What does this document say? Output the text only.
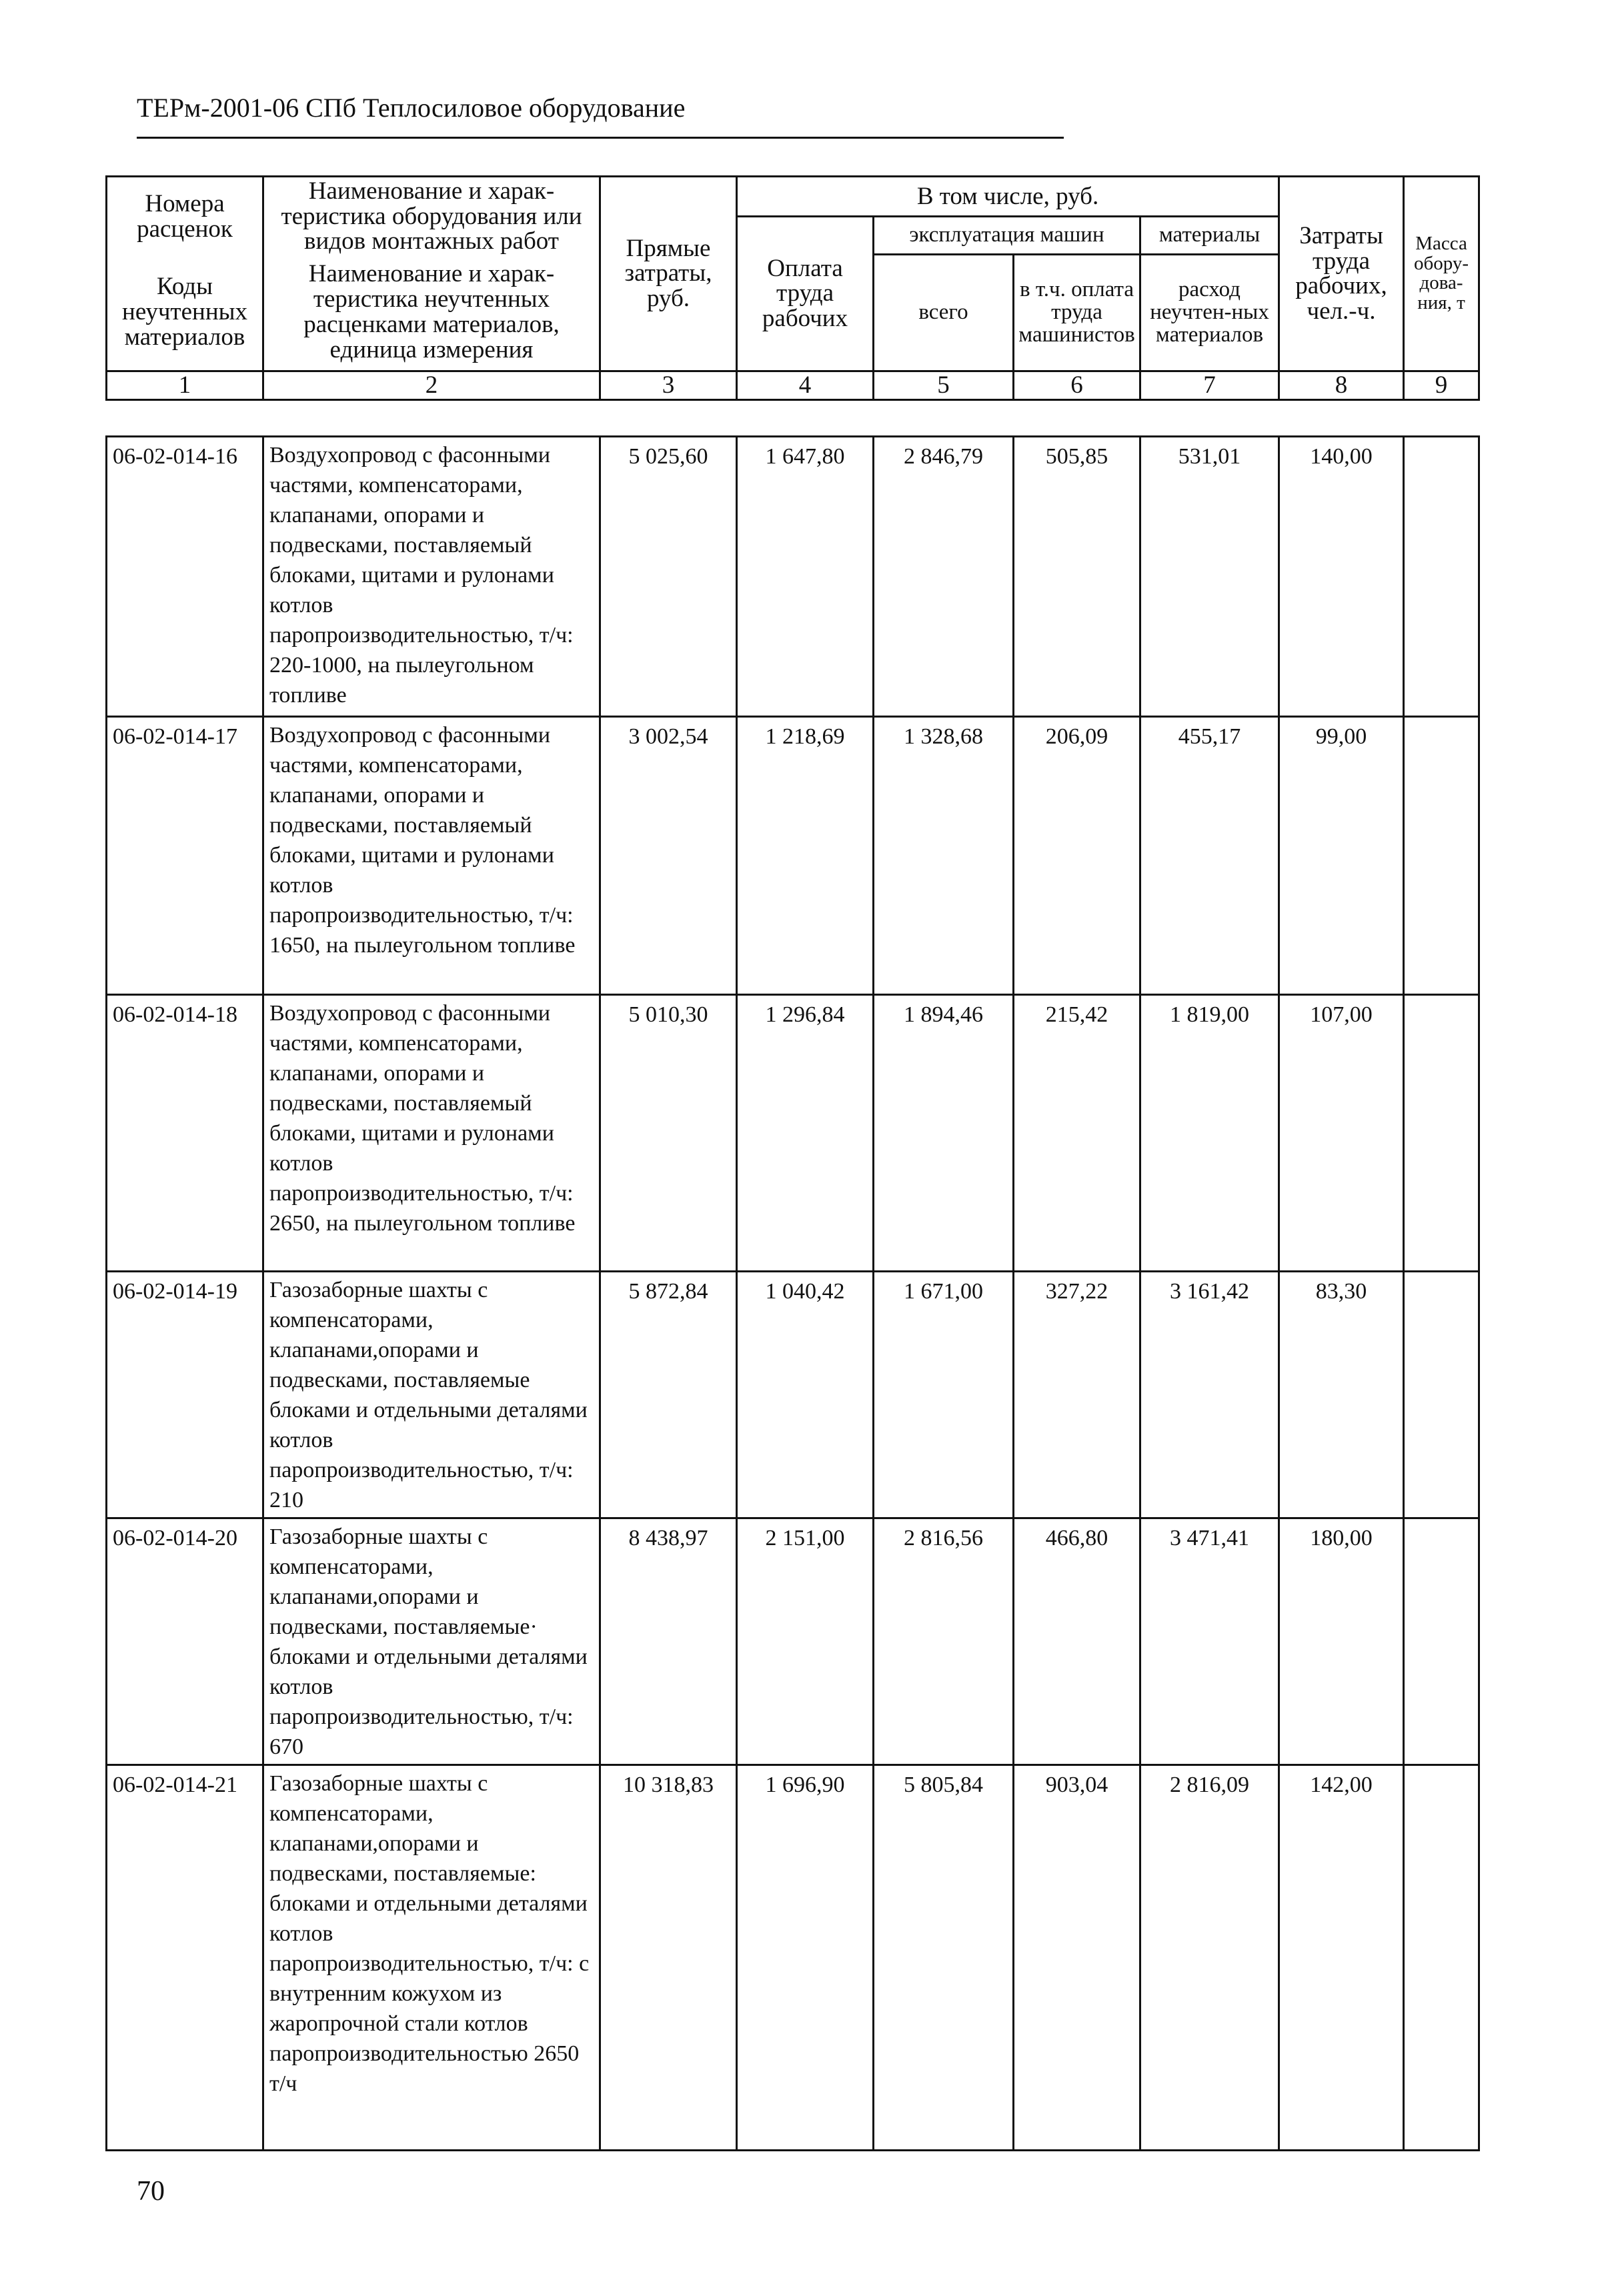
ТЕРм-2001-06 СПб Теплосиловое оборудование
Номера расценок	Наименование и харак-теристика оборудования или видов монтажных работ	Прямые затраты, руб.	В том числе, руб.				Затраты труда рабочих, чел.-ч.	Масса обору-дова-ния, т
			Оплата труда рабочих	эксплуатация машин		материалы		
Коды неучтенных материалов	Наименование и харак-теристика неучтенных расценками материалов, единица измерения			всего	в т.ч. оплата труда машинистов	расход неучтен-ных материалов		

1	2	3	4	5	6	7	8	9
06-02-014-16	Воздухопровод с фасонными частями, компенсаторами, клапанами, опорами и подвесками, поставляемый блоками, щитами и рулонами котлов паропроизводительностью, т/ч: 220-1000, на пылеугольном топливе	5 025,60	1 647,80	2 846,79	505,85	531,01	140,00	
06-02-014-17	Воздухопровод с фасонными частями, компенсаторами, клапанами, опорами и подвесками, поставляемый блоками, щитами и рулонами котлов паропроизводительностью, т/ч: 1650, на пылеугольном топливе	3 002,54	1 218,69	1 328,68	206,09	455,17	99,00	
06-02-014-18	Воздухопровод с фасонными частями, компенсаторами, клапанами, опорами и подвесками, поставляемый блоками, щитами и рулонами котлов паропроизводительностью, т/ч: 2650, на пылеугольном топливе	5 010,30	1 296,84	1 894,46	215,42	1 819,00	107,00	
06-02-014-19	Газозаборные шахты с компенсаторами, клапанами,опорами и подвесками, поставляемые блоками и отдельными деталями котлов паропроизводительностью, т/ч: 210	5 872,84	1 040,42	1 671,00	327,22	3 161,42	83,30	
06-02-014-20	Газозаборные шахты с компенсаторами, клапанами,опорами и подвесками, поставляемые· блоками и отдельными деталями котлов паропроизводительностью, т/ч: 670	8 438,97	2 151,00	2 816,56	466,80	3 471,41	180,00	
06-02-014-21	Газозаборные шахты с компенсаторами, клапанами,опорами и подвесками, поставляемые: блоками и отдельными деталями котлов паропроизводительностью, т/ч: с внутренним кожухом из жаропрочной стали котлов паропроизводительностью 2650 т/ч	10 318,83	1 696,90	5 805,84	903,04	2 816,09	142,00	
70
